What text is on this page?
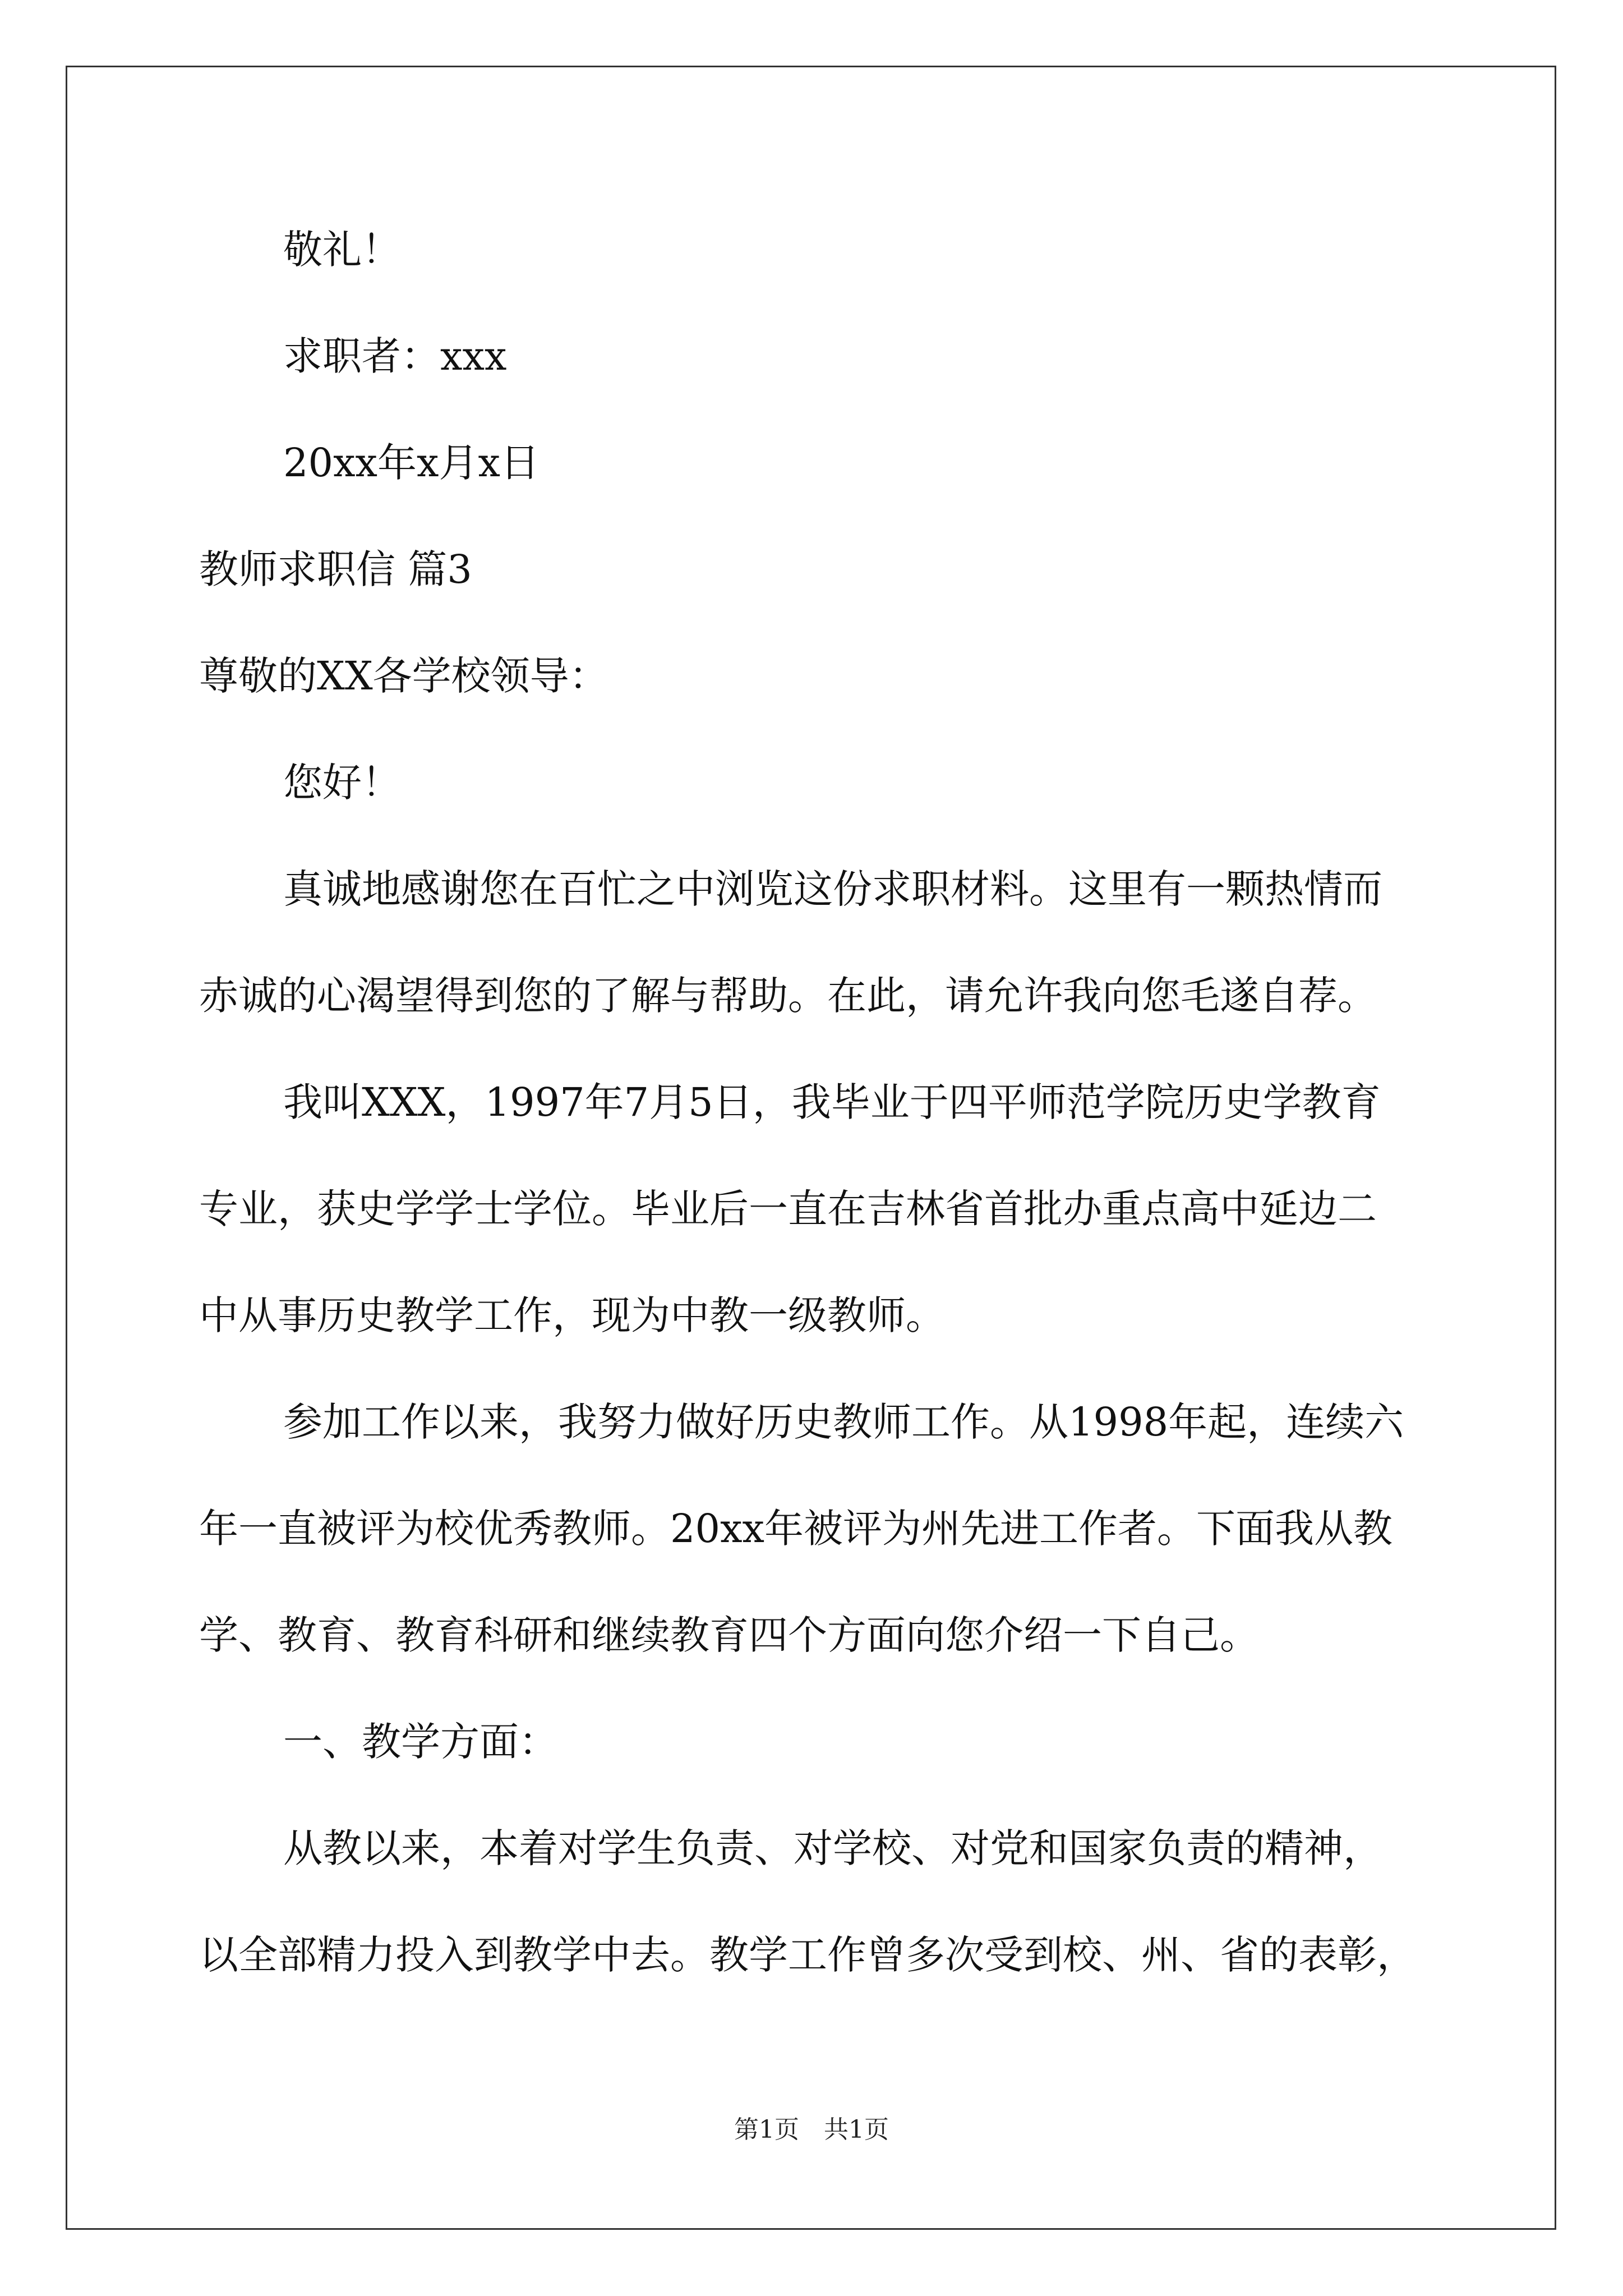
敬礼！
求职者：xxx
20xx年x月x日
教师求职信 篇3
尊敬的XX各学校领导：
您好！
真诚地感谢您在百忙之中浏览这份求职材料。这里有一颗热情而
赤诚的心渴望得到您的了解与帮助。在此，请允许我向您毛遂自荐。
我叫XXX，1997年7月5日，我毕业于四平师范学院历史学教育
专业，获史学学士学位。毕业后一直在吉林省首批办重点高中延边二
中从事历史教学工作，现为中教一级教师。
参加工作以来，我努力做好历史教师工作。从1998年起，连续六
年一直被评为校优秀教师。20xx年被评为州先进工作者。下面我从教
学、教育、教育科研和继续教育四个方面向您介绍一下自己。
一、教学方面：
从教以来，本着对学生负责、对学校、对党和国家负责的精神，
以全部精力投入到教学中去。教学工作曾多次受到校、州、省的表彰，
第1页 共1页
